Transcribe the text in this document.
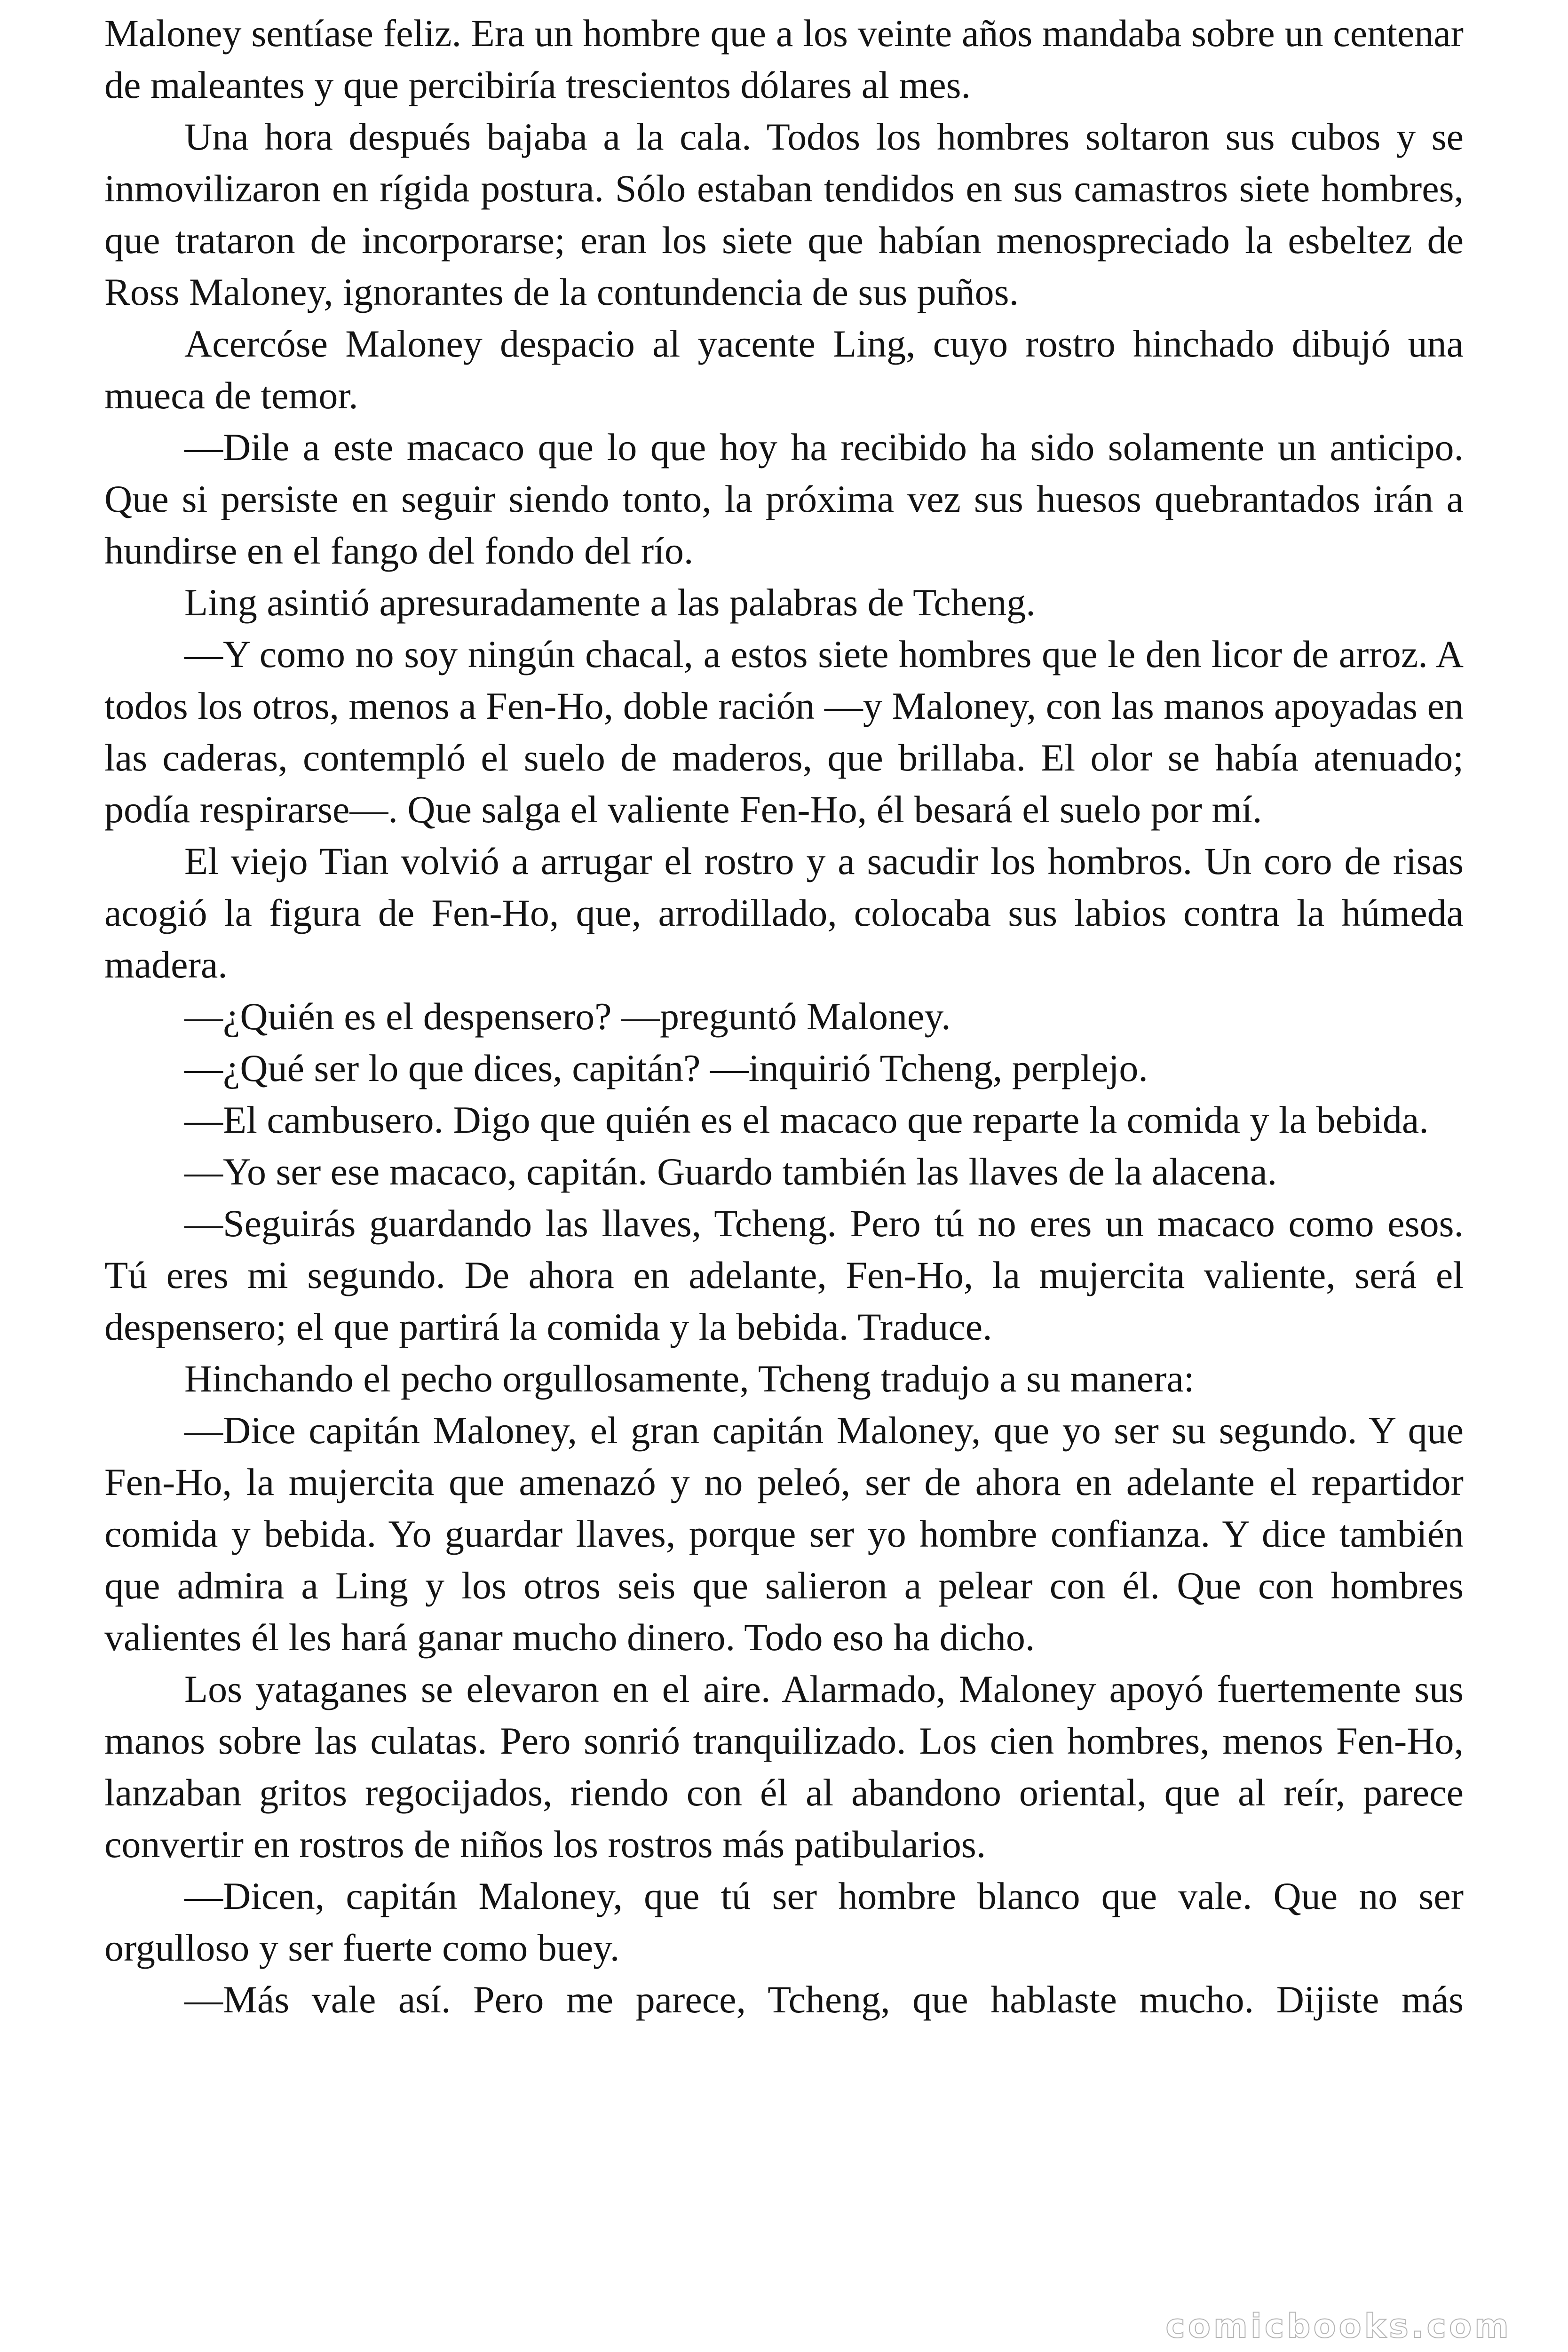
Maloney sentíase feliz. Era un hombre que a los veinte años mandaba sobre un centenar de maleantes y que percibiría trescientos dólares al mes.

Una hora después bajaba a la cala. Todos los hombres soltaron sus cubos y se inmovilizaron en rígida postura. Sólo estaban tendidos en sus camastros siete hombres, que trataron de incorporarse; eran los siete que habían menospreciado la esbeltez de Ross Maloney, ignorantes de la contundencia de sus puños.

Acercóse Maloney despacio al yacente Ling, cuyo rostro hinchado dibujó una mueca de temor.

—Dile a este macaco que lo que hoy ha recibido ha sido solamente un anticipo. Que si persiste en seguir siendo tonto, la próxima vez sus huesos quebrantados irán a hundirse en el fango del fondo del río.

Ling asintió apresuradamente a las palabras de Tcheng.

—Y como no soy ningún chacal, a estos siete hombres que le den licor de arroz. A todos los otros, menos a Fen-Ho, doble ración —y Maloney, con las manos apoyadas en las caderas, contempló el suelo de maderos, que brillaba. El olor se había atenuado; podía respirarse—. Que salga el valiente Fen-Ho, él besará el suelo por mí.

El viejo Tian volvió a arrugar el rostro y a sacudir los hombros. Un coro de risas acogió la figura de Fen-Ho, que, arrodillado, colocaba sus labios contra la húmeda madera.

—¿Quién es el despensero? —preguntó Maloney.

—¿Qué ser lo que dices, capitán? —inquirió Tcheng, perplejo.

—El cambusero. Digo que quién es el macaco que reparte la comida y la bebida.

—Yo ser ese macaco, capitán. Guardo también las llaves de la alacena.

—Seguirás guardando las llaves, Tcheng. Pero tú no eres un macaco como esos. Tú eres mi segundo. De ahora en adelante, Fen-Ho, la mujercita valiente, será el despensero; el que partirá la comida y la bebida. Traduce.

Hinchando el pecho orgullosamente, Tcheng tradujo a su manera:

—Dice capitán Maloney, el gran capitán Maloney, que yo ser su segundo. Y que Fen-Ho, la mujercita que amenazó y no peleó, ser de ahora en adelante el repartidor comida y bebida. Yo guardar llaves, porque ser yo hombre confianza. Y dice también que admira a Ling y los otros seis que salieron a pelear con él. Que con hombres valientes él les hará ganar mucho dinero. Todo eso ha dicho.

Los yataganes se elevaron en el aire. Alarmado, Maloney apoyó fuertemente sus manos sobre las culatas. Pero sonrió tranquilizado. Los cien hombres, menos Fen-Ho, lanzaban gritos regocijados, riendo con él al abandono oriental, que al reír, parece convertir en rostros de niños los rostros más patibularios.

—Dicen, capitán Maloney, que tú ser hombre blanco que vale. Que no ser orgulloso y ser fuerte como buey.

—Más vale así. Pero me parece, Tcheng, que hablaste mucho. Dijiste más

comicbooks.com
